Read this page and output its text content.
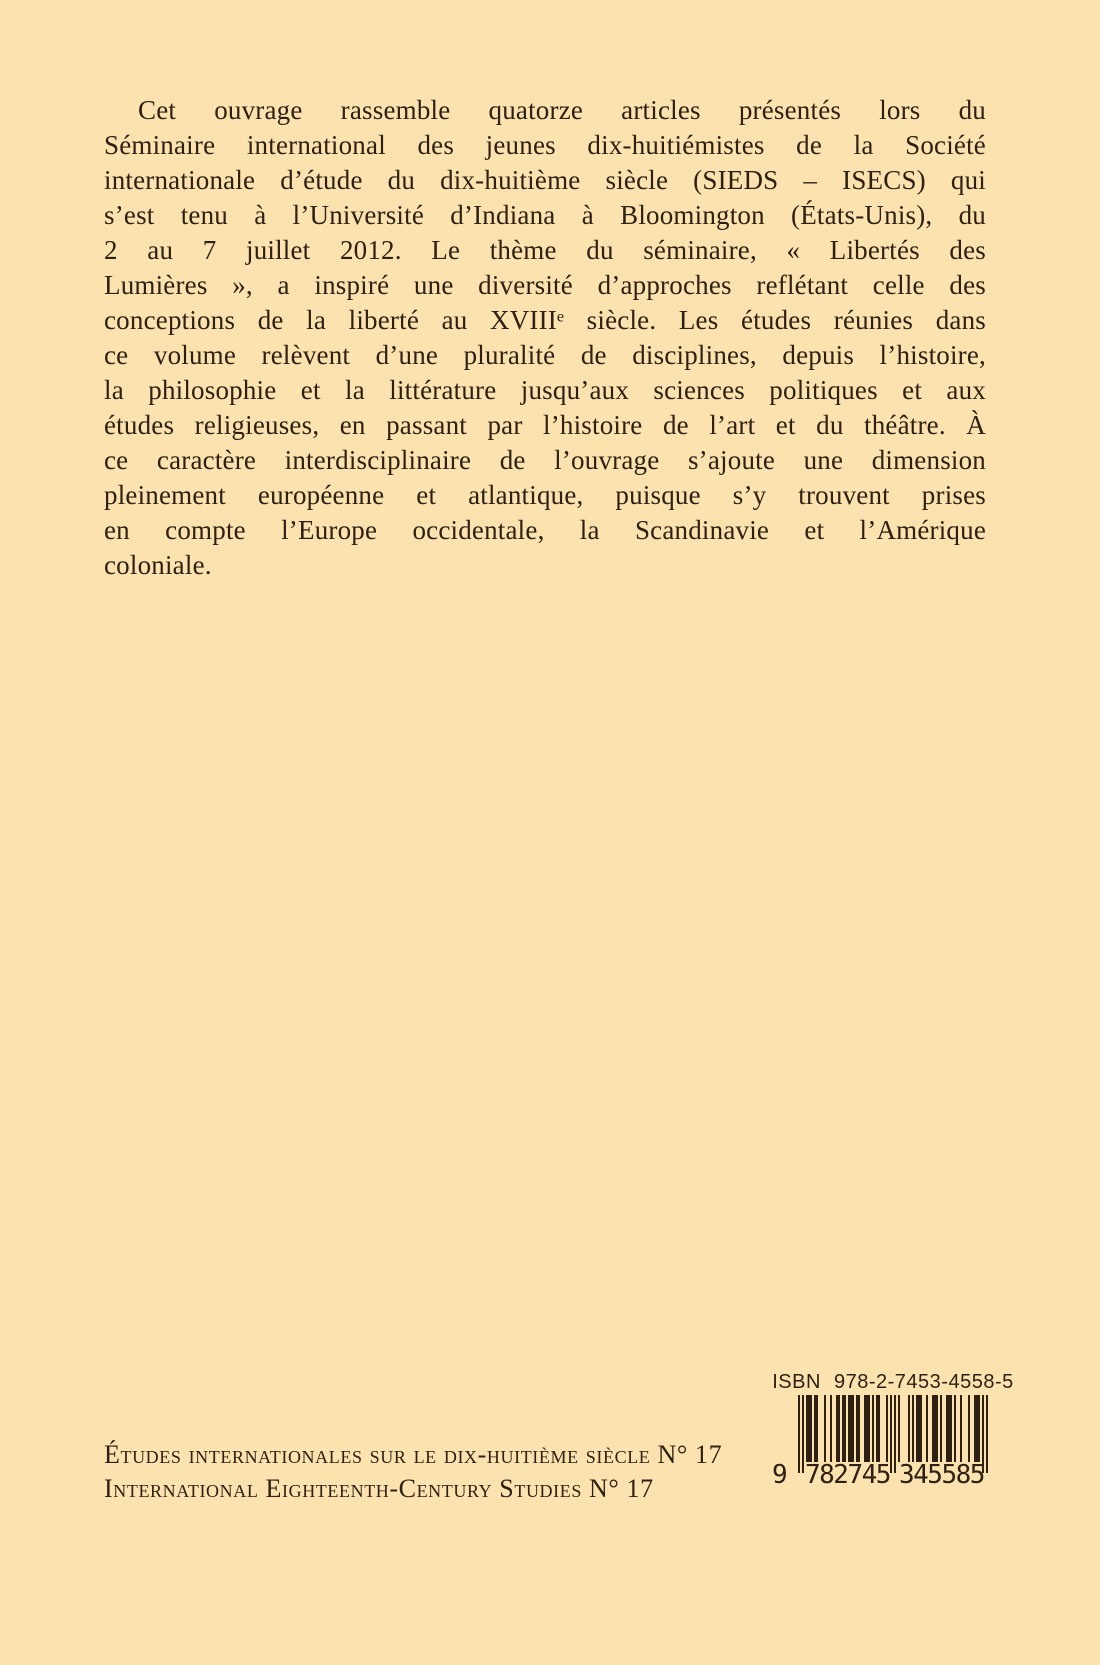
Cet ouvrage rassemble quatorze articles présentés lors du
Séminaire international des jeunes dix-huitiémistes de la Société
internationale d’étude du dix-huitième siècle (SIEDS – ISECS) qui
s’est tenu à l’Université d’Indiana à Bloomington (États-Unis), du
2 au 7 juillet 2012. Le thème du séminaire, « Libertés des
Lumières », a inspiré une diversité d’approches reflétant celle des
conceptions de la liberté au XVIIIᵉ siècle. Les études réunies dans
ce volume relèvent d’une pluralité de disciplines, depuis l’histoire,
la philosophie et la littérature jusqu’aux sciences politiques et aux
études religieuses, en passant par l’histoire de l’art et du théâtre. À
ce caractère interdisciplinaire de l’ouvrage s’ajoute une dimension
pleinement européenne et atlantique, puisque s’y trouvent prises
en compte l’Europe occidentale, la Scandinavie et l’Amérique
coloniale.
ISBN 978-2-7453-4558-5
9 782745 345585
Études internationales sur le dix-huitième siècle N° 17
International Eighteenth-Century Studies N° 17
